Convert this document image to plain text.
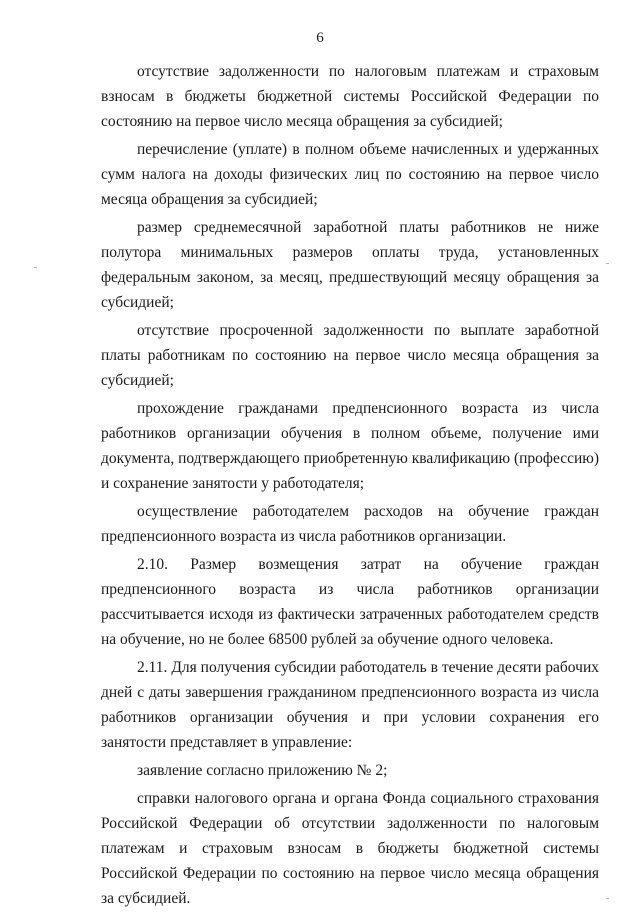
6

отсутствие задолженности по налоговым платежам и страховым взносам в бюджеты бюджетной системы Российской Федерации по состоянию на первое число месяца обращения за субсидией;

перечисление (уплате) в полном объеме начисленных и удержанных сумм налога на доходы физических лиц по состоянию на первое число месяца обращения за субсидией;

размер среднемесячной заработной платы работников не ниже полутора минимальных размеров оплаты труда, установленных федеральным законом, за месяц, предшествующий месяцу обращения за субсидией;

отсутствие просроченной задолженности по выплате заработной платы работникам по состоянию на первое число месяца обращения за субсидией;

прохождение гражданами предпенсионного возраста из числа работников организации обучения в полном объеме, получение ими документа, подтверждающего приобретенную квалификацию (профессию) и сохранение занятости у работодателя;

осуществление работодателем расходов на обучение граждан предпенсионного возраста из числа работников организации.

2.10. Размер возмещения затрат на обучение граждан предпенсионного возраста из числа работников организации рассчитывается исходя из фактически затраченных работодателем средств на обучение, но не более 68500 рублей за обучение одного человека.

2.11. Для получения субсидии работодатель в течение десяти рабочих дней с даты завершения гражданином предпенсионного возраста из числа работников организации обучения и при условии сохранения его занятости представляет в управление:

заявление согласно приложению № 2;

справки налогового органа и органа Фонда социального страхования Российской Федерации об отсутствии задолженности по налоговым платежам и страховым взносам в бюджеты бюджетной системы Российской Федерации по состоянию на первое число месяца обращения за субсидией.
